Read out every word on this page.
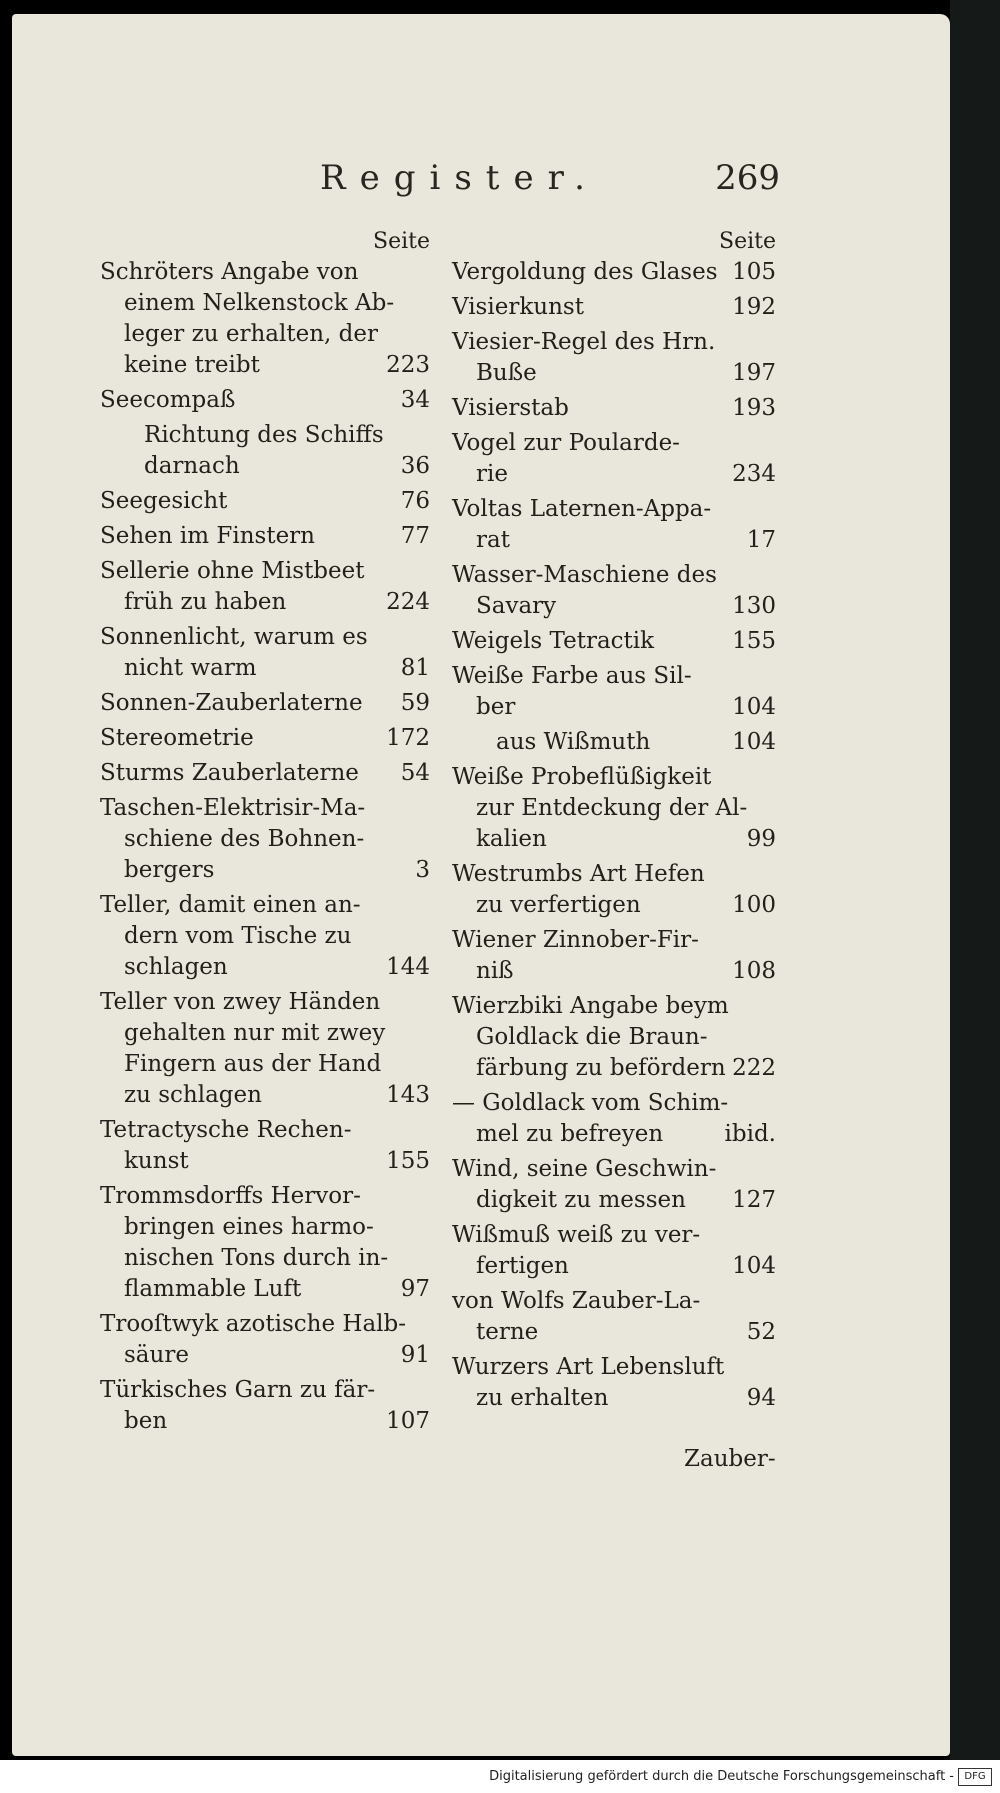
Register.	269
Seite
Schröters Angabe von
einem Nelkenstock Ab-
leger zu erhalten, der
keine treibt	223
Seecompaß	34
Richtung des Schiffs
darnach	36
Seegesicht	76
Sehen im Finstern	77
Sellerie ohne Mistbeet
früh zu haben	224
Sonnenlicht, warum es
nicht warm	81
Sonnen-Zauberlaterne	59
Stereometrie	172
Sturms Zauberlaterne	54
Taschen-Elektrisir-Ma-
schiene des Bohnen-
bergers	3
Teller, damit einen an-
dern vom Tische zu
schlagen	144
Teller von zwey Händen
gehalten nur mit zwey
Fingern aus der Hand
zu schlagen	143
Tetractysche Rechen-
kunst	155
Trommsdorffs Hervor-
bringen eines harmo-
nischen Tons durch in-
flammable Luft	97
Trooſtwyk azotische Halb-
säure	91
Türkisches Garn zu fär-
ben	107
Seite
Vergoldung des Glases 105
Visierkunst	192
Viesier-Regel des Hrn.
Buße	197
Visierstab	193
Vogel zur Poularde-
rie	234
Voltas Laternen-Appa-
rat	17
Wasser-Maschiene des
Savary	130
Weigels Tetractik	155
Weiße Farbe aus Sil-
ber	104
aus Wißmuth	104
Weiße Probeflüßigkeit
zur Entdeckung der Al-
kalien	99
Westrumbs Art Hefen
zu verfertigen	100
Wiener Zinnober-Fir-
niß	108
Wierzbiki Angabe beym
Goldlack die Braun-
färbung zu befördern 222
— Goldlack vom Schim-
mel zu befreyen	ibid.
Wind, seine Geschwin-
digkeit zu messen	127
Wißmuß weiß zu ver-
fertigen	104
von Wolfs Zauber-La-
terne	52
Wurzers Art Lebensluft
zu erhalten	94
Zauber-
Digitalisierung gefördert durch die Deutsche Forschungsgemeinschaft -	DFG
